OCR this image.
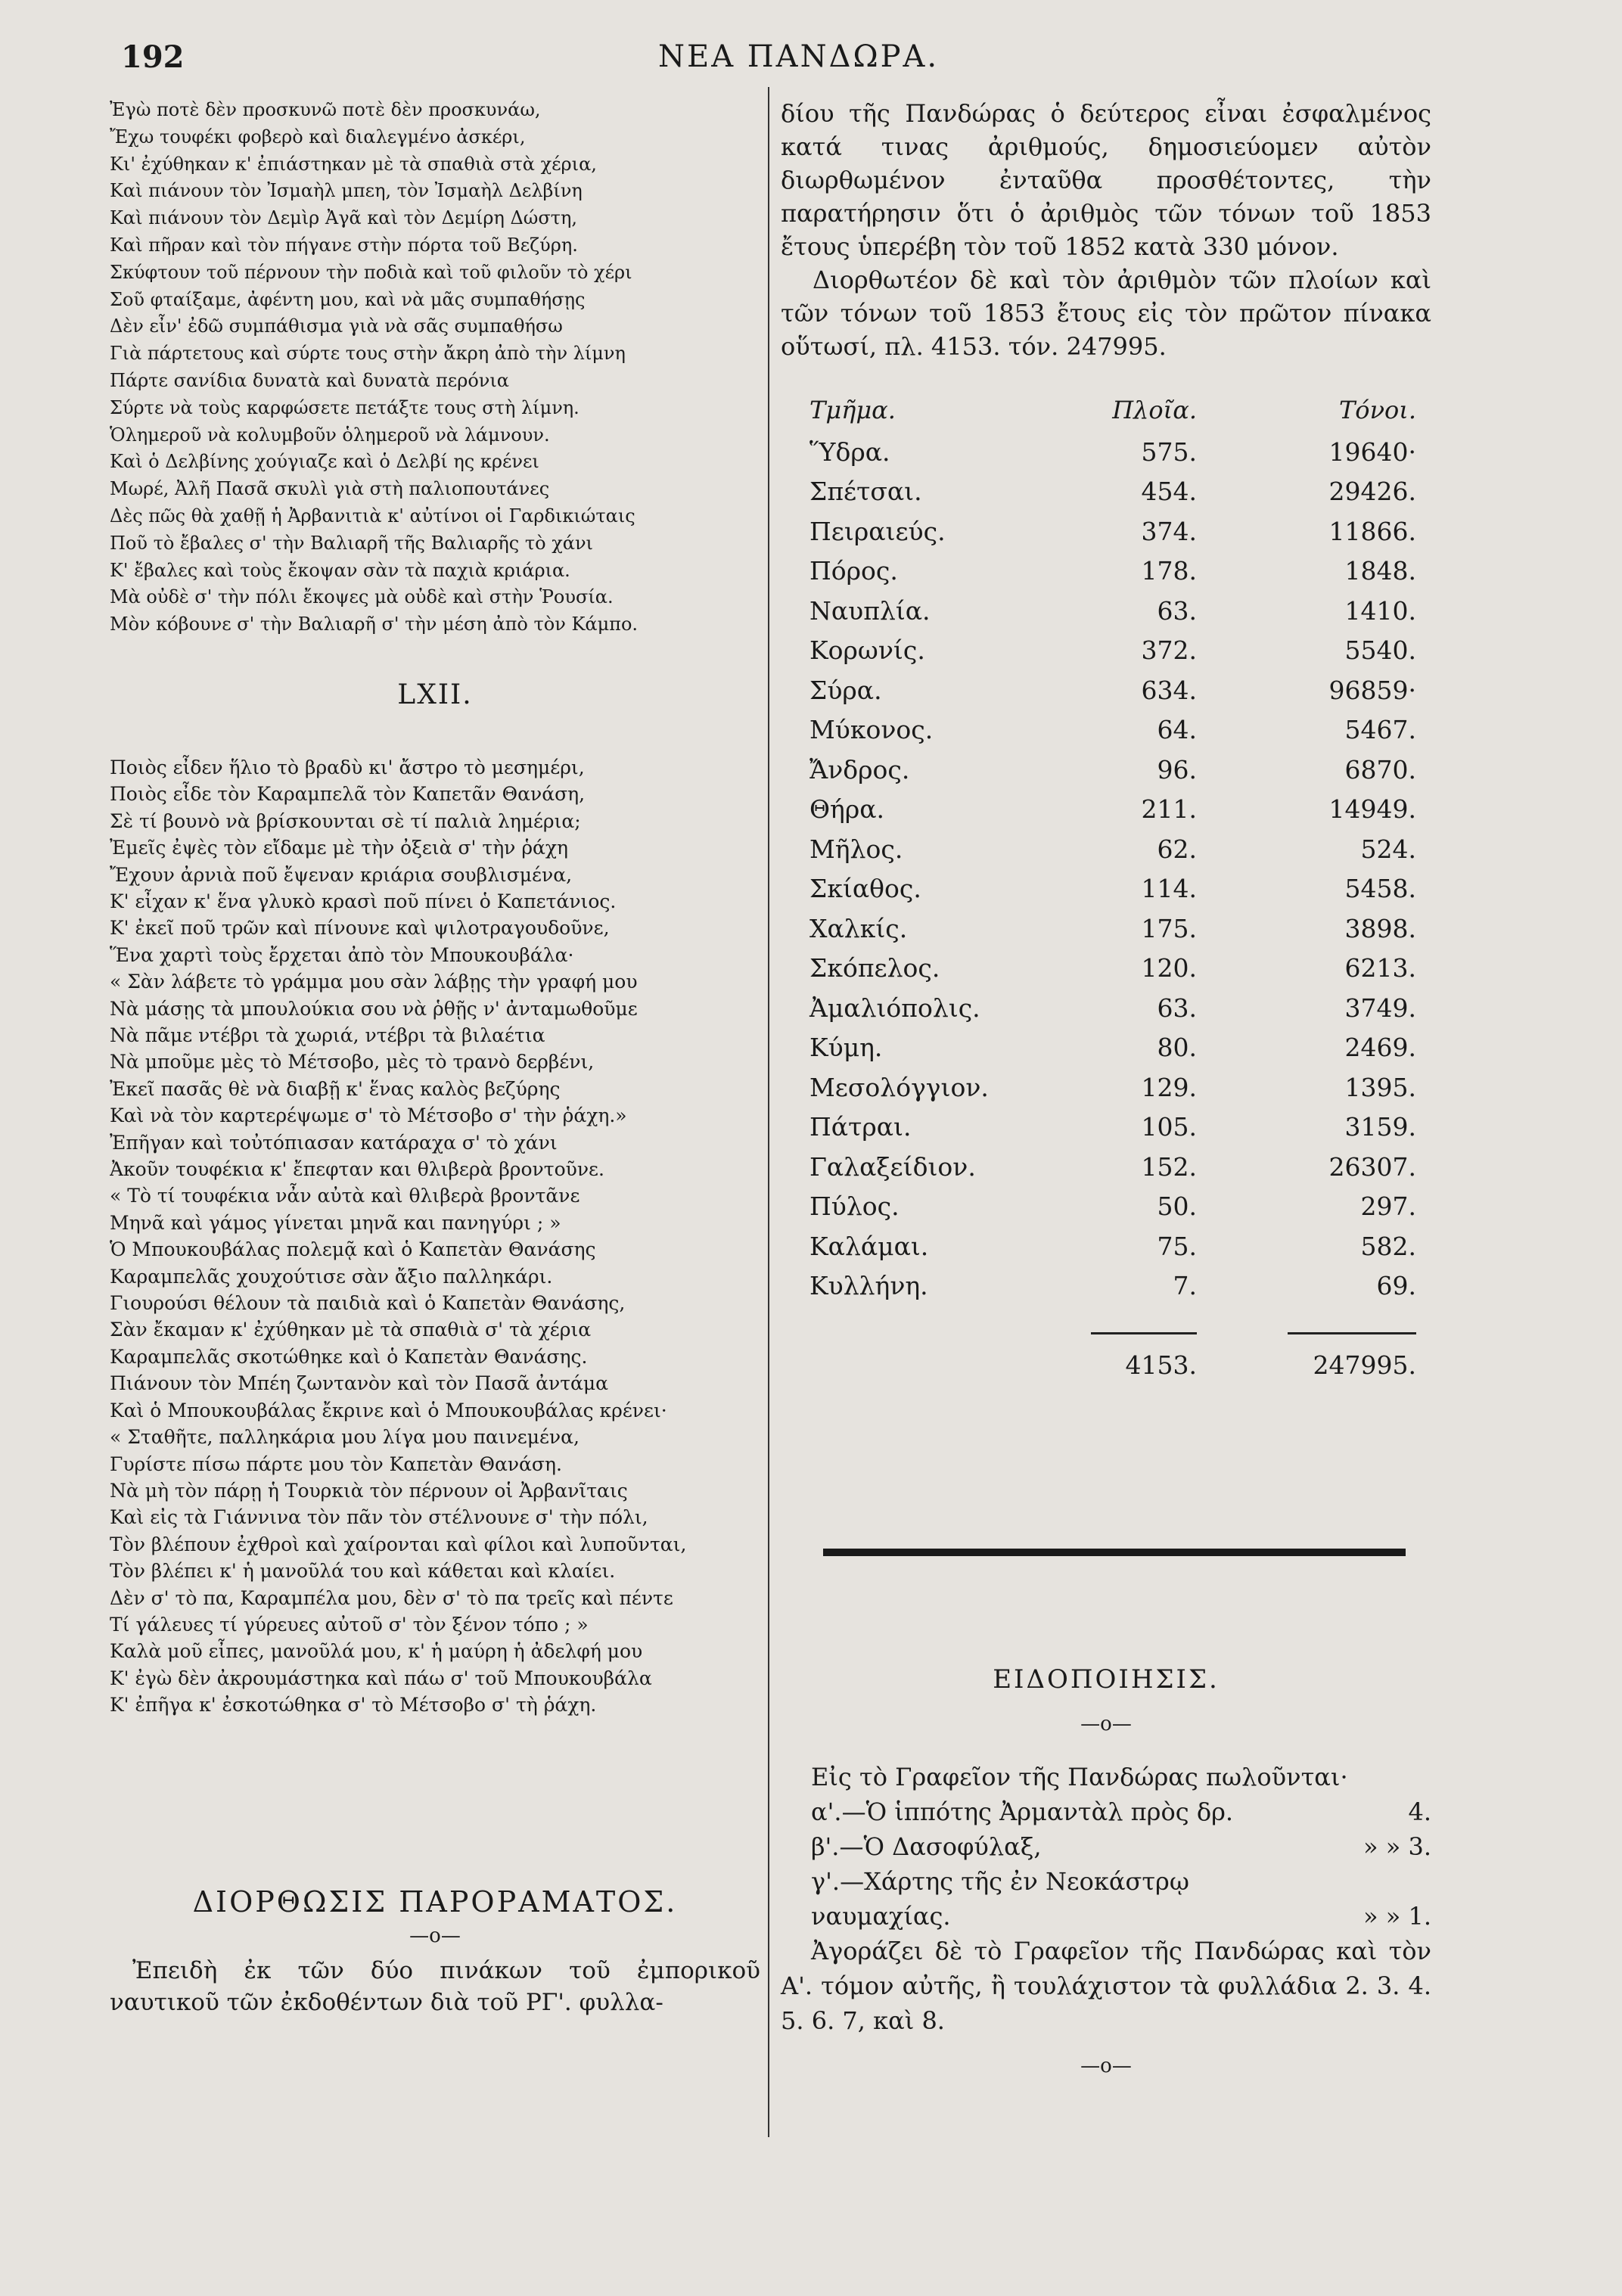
192	ΝΕΑ ΠΑΝΔΩΡΑ.
Ἐγὼ ποτὲ δὲν προσκυνῶ ποτὲ δὲν προσκυνάω,
Ἔχω τουφέκι φοβερὸ καὶ διαλεγμένο ἀσκέρι,
Κι' ἐχύθηκαν κ' ἐπιάστηκαν μὲ τὰ σπαθιὰ στὰ χέρια,
Καὶ πιάνουν τὸν Ἰσμαὴλ μπεη, τὸν Ἰσμαὴλ Δελβίνη
Καὶ πιάνουν τὸν Δεμὶρ Ἀγᾶ καὶ τὸν Δεμίρη Δώστη,
Καὶ πῆραν καὶ τὸν πήγανε στὴν πόρτα τοῦ Βεζύρη.
Σκύφτουν τοῦ πέρνουν τὴν ποδιὰ καὶ τοῦ φιλοῦν τὸ χέρι
Σοῦ φταίξαμε, ἀφέντη μου, καὶ νὰ μᾶς συμπαθήσῃς
Δὲν εἶν' ἐδῶ συμπάθισμα γιὰ νὰ σᾶς συμπαθήσω
Γιὰ πάρτετους καὶ σύρτε τους στὴν ἄκρη ἀπὸ τὴν λίμνη
Πάρτε σανίδια δυνατὰ καὶ δυνατὰ περόνια
Σύρτε νὰ τοὺς καρφώσετε πετάξτε τους στὴ λίμνη.
Ὁλημεροῦ νὰ κολυμβοῦν ὁλημεροῦ νὰ λάμνουν.
Καὶ ὁ Δελβίνης χούγιαζε καὶ ὁ Δελβί ης κρένει
Μωρέ, Ἀλῆ Πασᾶ σκυλὶ γιὰ στὴ παλιοπουτάνες
Δὲς πῶς θὰ χαθῇ ἡ Ἀρβανιτιὰ κ' αὐτίνοι οἱ Γαρδικιώταις
Ποῦ τὸ ἔβαλες σ' τὴν Βαλιαρῆ τῆς Βαλιαρῆς τὸ χάνι
Κ' ἔβαλες καὶ τοὺς ἔκοψαν σὰν τὰ παχιὰ κριάρια.
Μὰ οὐδὲ σ' τὴν πόλι ἔκοψες μὰ οὐδὲ καὶ στὴν Ῥουσία.
Μὸν κόβουνε σ' τὴν Βαλιαρῆ σ' τὴν μέση ἀπὸ τὸν Κάμπο.
LXII.
Ποιὸς εἶδεν ἥλιο τὸ βραδὺ κι' ἄστρο τὸ μεσημέρι,
Ποιὸς εἶδε τὸν Καραμπελᾶ τὸν Καπετᾶν Θανάση,
Σὲ τί βουνὸ νὰ βρίσκουνται σὲ τί παλιὰ λημέρια;
Ἐμεῖς ἐψὲς τὸν εἴδαμε μὲ τὴν ὀξειὰ σ' τὴν ῥάχη
Ἔχουν ἀρνιὰ ποῦ ἔψεναν κριάρια σουβλισμένα,
Κ' εἶχαν κ' ἕνα γλυκὸ κρασὶ ποῦ πίνει ὁ Καπετάνιος.
Κ' ἐκεῖ ποῦ τρῶν καὶ πίνουνε καὶ ψιλοτραγουδοῦνε,
Ἕνα χαρτὶ τοὺς ἔρχεται ἀπὸ τὸν Μπουκουβάλα·
« Σὰν λάβετε τὸ γράμμα μου σὰν λάβῃς τὴν γραφή μου
Νὰ μάσῃς τὰ μπουλούκια σου νὰ ῥθῇς ν' ἀνταμωθοῦμε
Νὰ πᾶμε ντέβρι τὰ χωριά, ντέβρι τὰ βιλαέτια
Νὰ μποῦμε μὲς τὸ Μέτσοβο, μὲς τὸ τρανὸ δερβένι,
Ἐκεῖ πασᾶς θὲ νὰ διαβῇ κ' ἕνας καλὸς βεζύρης
Καὶ νὰ τὸν καρτερέψωμε σ' τὸ Μέτσοβο σ' τὴν ῥάχη.»
Ἐπῆγαν καὶ τοὐτόπιασαν κατάραχα σ' τὸ χάνι
Ἀκοῦν τουφέκια κ' ἔπεφταν και θλιβερὰ βροντοῦνε.
« Τὸ τί τουφέκια νἆν αὐτὰ καὶ θλιβερὰ βροντᾶνε
Μηνᾶ καὶ γάμος γίνεται μηνᾶ και πανηγύρι ; »
Ὁ Μπουκουβάλας πολεμᾷ καὶ ὁ Καπετὰν Θανάσης
Καραμπελᾶς χουχούτισε σὰν ἄξιο παλληκάρι.
Γιουρούσι θέλουν τὰ παιδιὰ καὶ ὁ Καπετὰν Θανάσης,
Σὰν ἔκαμαν κ' ἐχύθηκαν μὲ τὰ σπαθιὰ σ' τὰ χέρια
Καραμπελᾶς σκοτώθηκε καὶ ὁ Καπετὰν Θανάσης.
Πιάνουν τὸν Μπέη ζωντανὸν καὶ τὸν Πασᾶ ἀντάμα
Καὶ ὁ Μπουκουβάλας ἔκρινε καὶ ὁ Μπουκουβάλας κρένει·
« Σταθῆτε, παλληκάρια μου λίγα μου παινεμένα,
Γυρίστε πίσω πάρτε μου τὸν Καπετὰν Θανάση.
Νὰ μὴ τὸν πάρῃ ἡ Τουρκιὰ τὸν πέρνουν οἱ Ἀρβανῖταις
Καὶ εἰς τὰ Γιάννινα τὸν πᾶν τὸν στέλνουνε σ' τὴν πόλι,
Τὸν βλέπουν ἐχθροὶ καὶ χαίρονται καὶ φίλοι καὶ λυποῦνται,
Τὸν βλέπει κ' ἡ μανοῦλά του καὶ κάθεται καὶ κλαίει.
Δὲν σ' τὸ πα, Καραμπέλα μου, δὲν σ' τὸ πα τρεῖς καὶ πέντε
Τί γάλευες τί γύρευες αὐτοῦ σ' τὸν ξένον τόπο ; »
Καλὰ μοῦ εἶπες, μανοῦλά μου, κ' ἡ μαύρη ἡ ἀδελφή μου
Κ' ἐγὼ δὲν ἀκρουμάστηκα καὶ πάω σ' τοῦ Μπουκουβάλα
Κ' ἐπῆγα κ' ἐσκοτώθηκα σ' τὸ Μέτσοβο σ' τὴ ῥάχη.
ΔΙΟΡΘΩΣΙΣ ΠΑΡΟΡΑΜΑΤΟΣ.
—o—
Ἐπειδὴ ἐκ τῶν δύο πινάκων τοῦ ἐμπορικοῦ ναυτικοῦ τῶν ἐκδοθέντων διὰ τοῦ ΡΓ'. φυλλα-

δίου τῆς Πανδώρας ὁ δεύτερος εἶναι ἐσφαλμένος κατά τινας ἀριθμούς, δημοσιεύομεν αὐτὸν διωρθωμένον ἐνταῦθα προσθέτοντες, τὴν παρατήρησιν ὅτι ὁ ἀριθμὸς τῶν τόνων τοῦ 1853 ἔτους ὑπερέβη τὸν τοῦ 1852 κατὰ 330 μόνον.

Διορθωτέον δὲ καὶ τὸν ἀριθμὸν τῶν πλοίων καὶ τῶν τόνων τοῦ 1853 ἔτους εἰς τὸν πρῶτον πίνακα οὕτωσί, πλ. 4153. τόν. 247995.

Τμῆμα.	Πλοῖα.	Τόνοι.
Ὕδρα.	575.	19640·
Σπέτσαι.	454.	29426.
Πειραιεύς.	374.	11866.
Πόρος.	178.	1848.
Ναυπλία.	63.	1410.
Κορωνίς.	372.	5540.
Σύρα.	634.	96859·
Μύκονος.	64.	5467.
Ἄνδρος.	96.	6870.
Θήρα.	211.	14949.
Μῆλος.	62.	524.
Σκίαθος.	114.	5458.
Χαλκίς.	175.	3898.
Σκόπελος.	120.	6213.
Ἀμαλιόπολις.	63.	3749.
Κύμη.	80.	2469.
Μεσολόγγιον.	129.	1395.
Πάτραι.	105.	3159.
Γαλαξείδιον.	152.	26307.
Πύλος.	50.	297.
Καλάμαι.	75.	582.
Κυλλήνη.	7.	69.

	4153.	247995.
ΕΙΔΟΠΟΙΗΣΙΣ.
—o—

Εἰς τὸ Γραφεῖον τῆς Πανδώρας πωλοῦνται·

α'.—Ὁ ἱππότης Ἀρμαντὰλ πρὸς δρ.	4.
β'.—Ὁ Δασοφύλαξ,	» » 3.
γ'.—Χάρτης τῆς ἐν Νεοκάστρῳ ναυμαχίας.	» » 1.

Ἀγοράζει δὲ τὸ Γραφεῖον τῆς Πανδώρας καὶ τὸν Α'. τόμον αὐτῆς, ἢ τουλάχιστον τὰ φυλλάδια 2. 3. 4. 5. 6. 7, καὶ 8.

—o—
